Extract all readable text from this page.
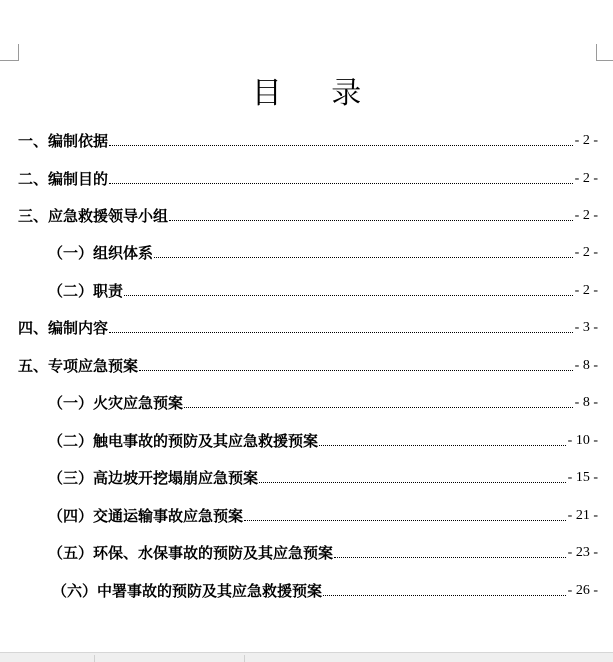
目 录
一、编制依据	- 2 -
二、编制目的	- 2 -
三、应急救援领导小组	- 2 -
（一）组织体系	- 2 -
（二）职责	- 2 -
四、编制内容	- 3 -
五、专项应急预案	- 8 -
（一）火灾应急预案	- 8 -
（二）触电事故的预防及其应急救援预案	- 10 -
（三）高边坡开挖塌崩应急预案	- 15 -
（四）交通运输事故应急预案	- 21 -
（五）环保、水保事故的预防及其应急预案	- 23 -
（六）中署事故的预防及其应急救援预案	- 26 -
